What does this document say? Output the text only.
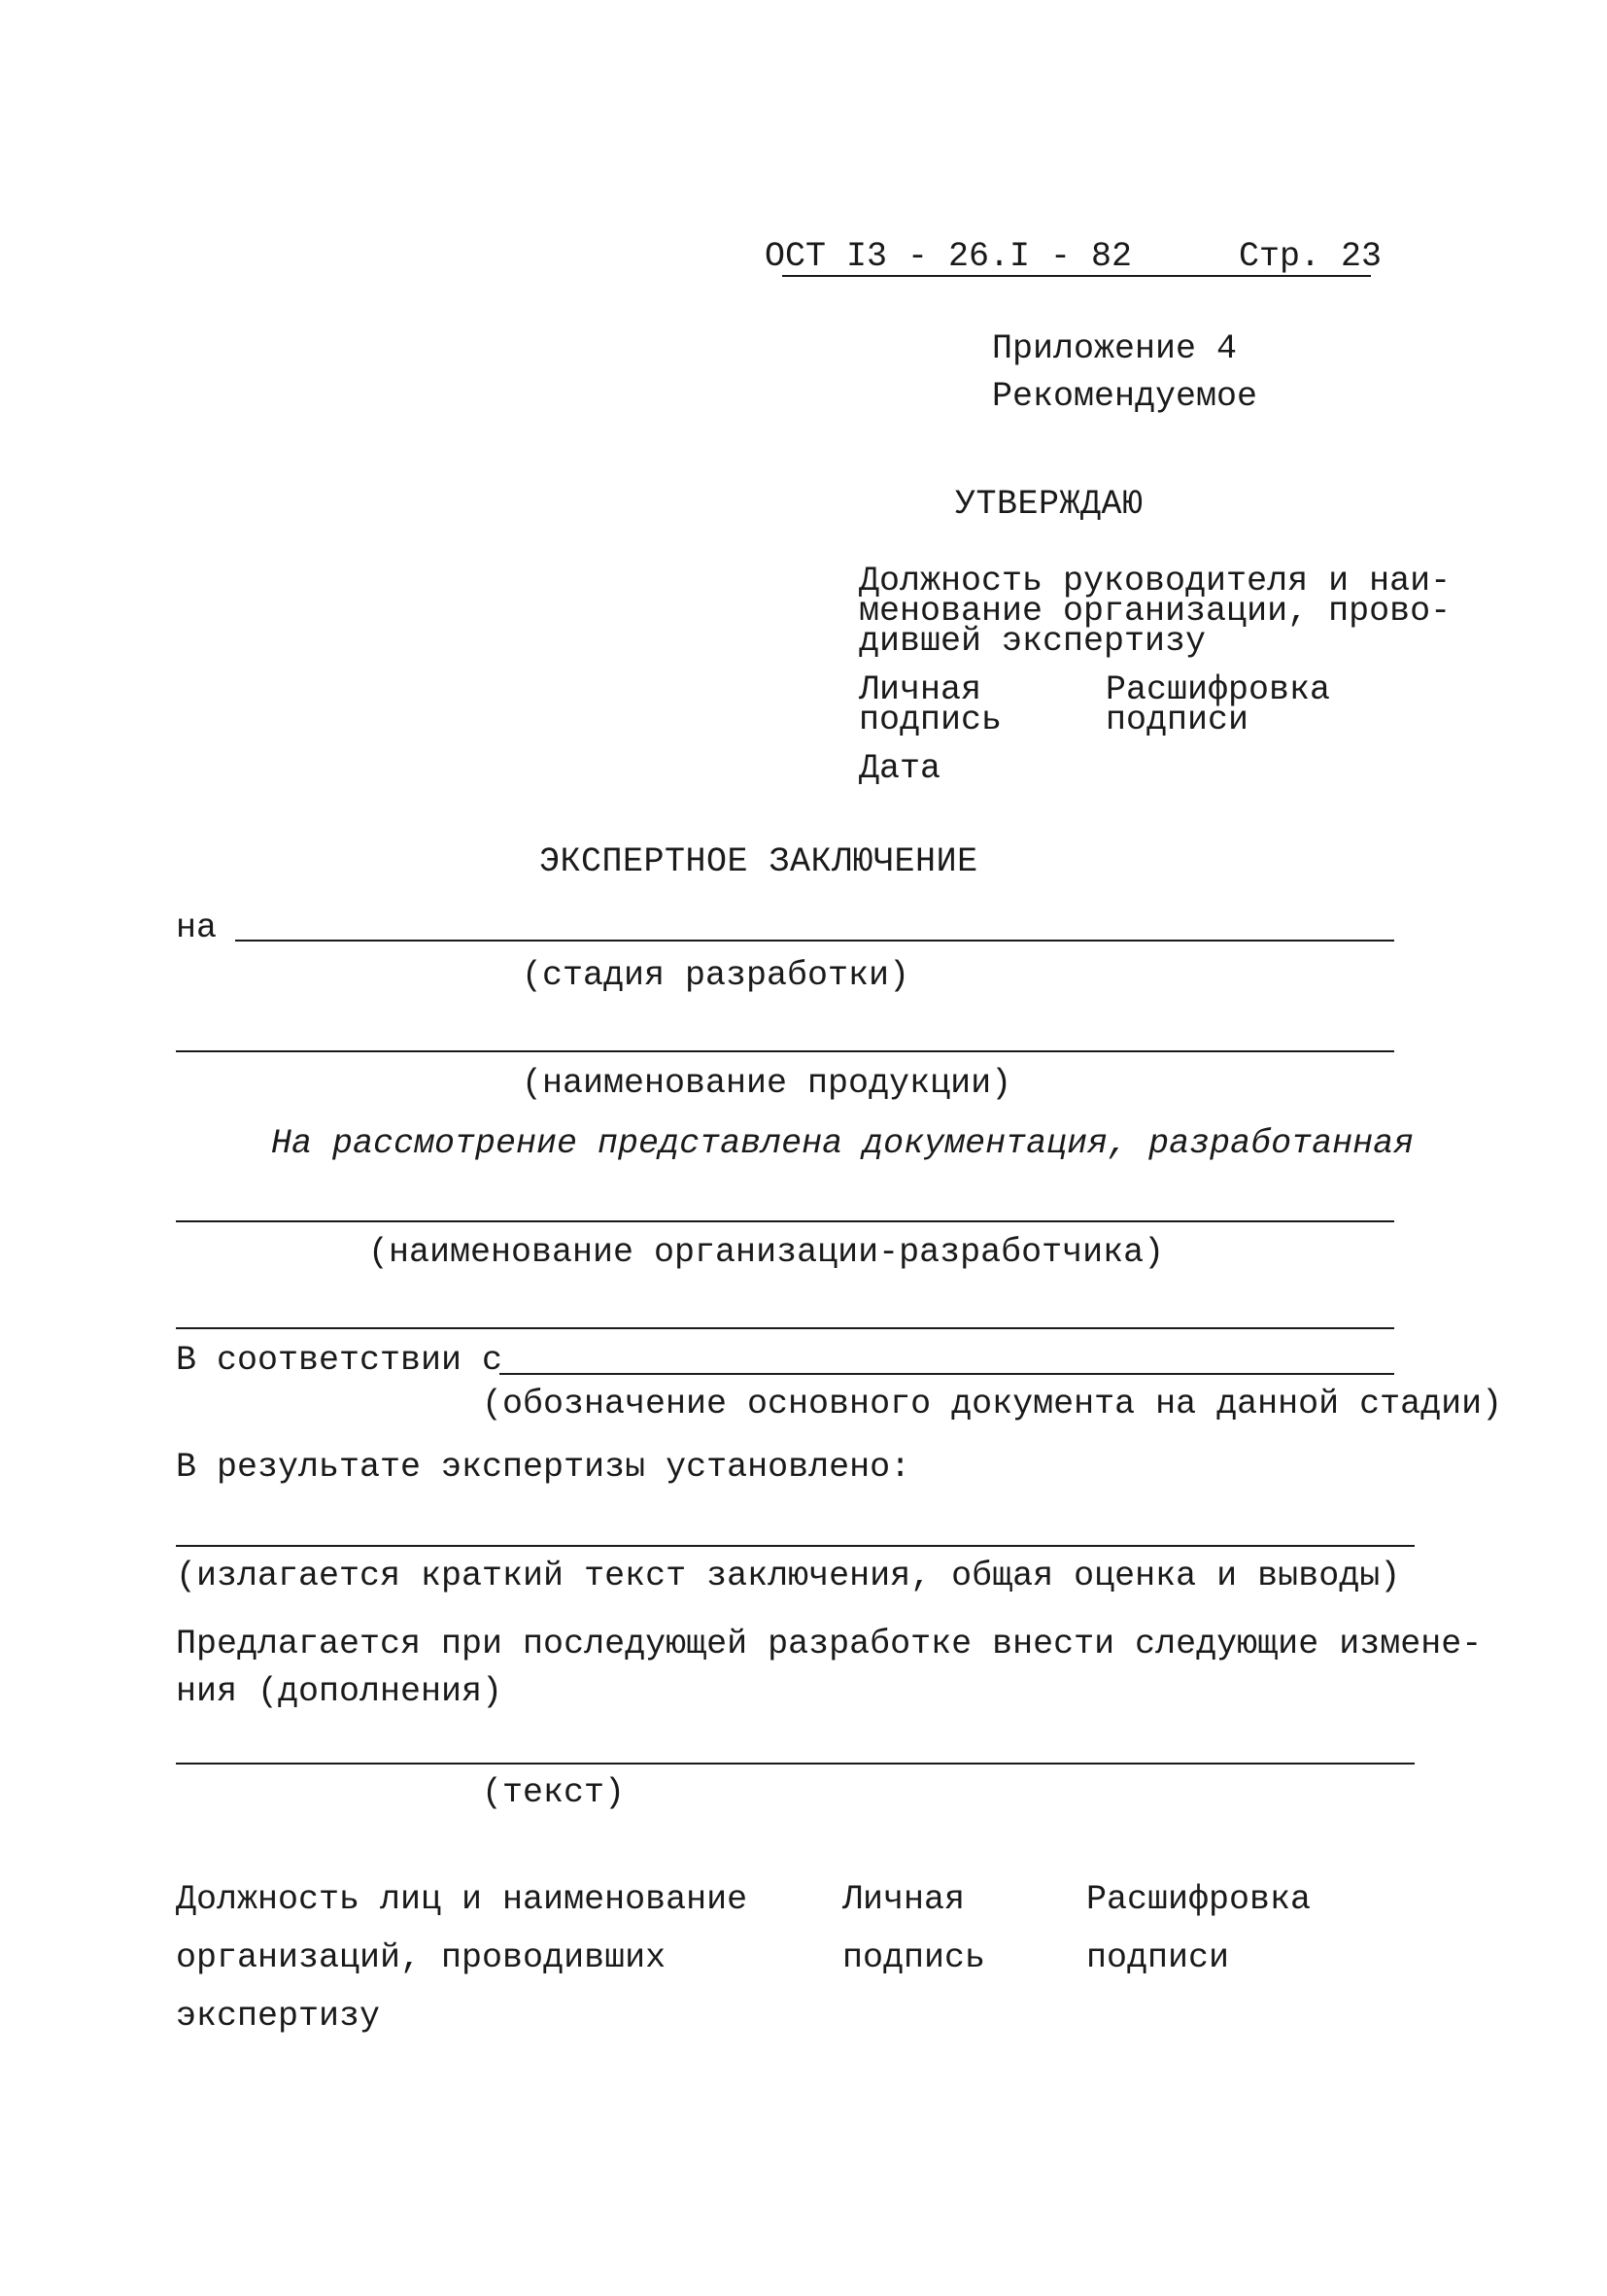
ОСТ I3 - 26.I - 82	Стр. 23
Приложение 4
Рекомендуемое
УТВЕРЖДАЮ
Должность руководителя и наи-
менование организации, прово-
дившей экспертизу
Личная
подпись
Расшифровка
подписи
Дата
ЭКСПЕРТНОЕ ЗАКЛЮЧЕНИЕ
на
(стадия разработки)
(наименование продукции)
На рассмотрение представлена документация, разработанная
(наименование организации-разработчика)
В соответствии с
(обозначение основного документа на данной стадии)
В результате экспертизы установлено:
(излагается краткий текст заключения, общая оценка и выводы)
Предлагается при последующей разработке внести следующие измене-
ния (дополнения)
(текст)
Должность лиц и наименование
организаций, проводивших
экспертизу
Личная
подпись
Расшифровка
подписи
